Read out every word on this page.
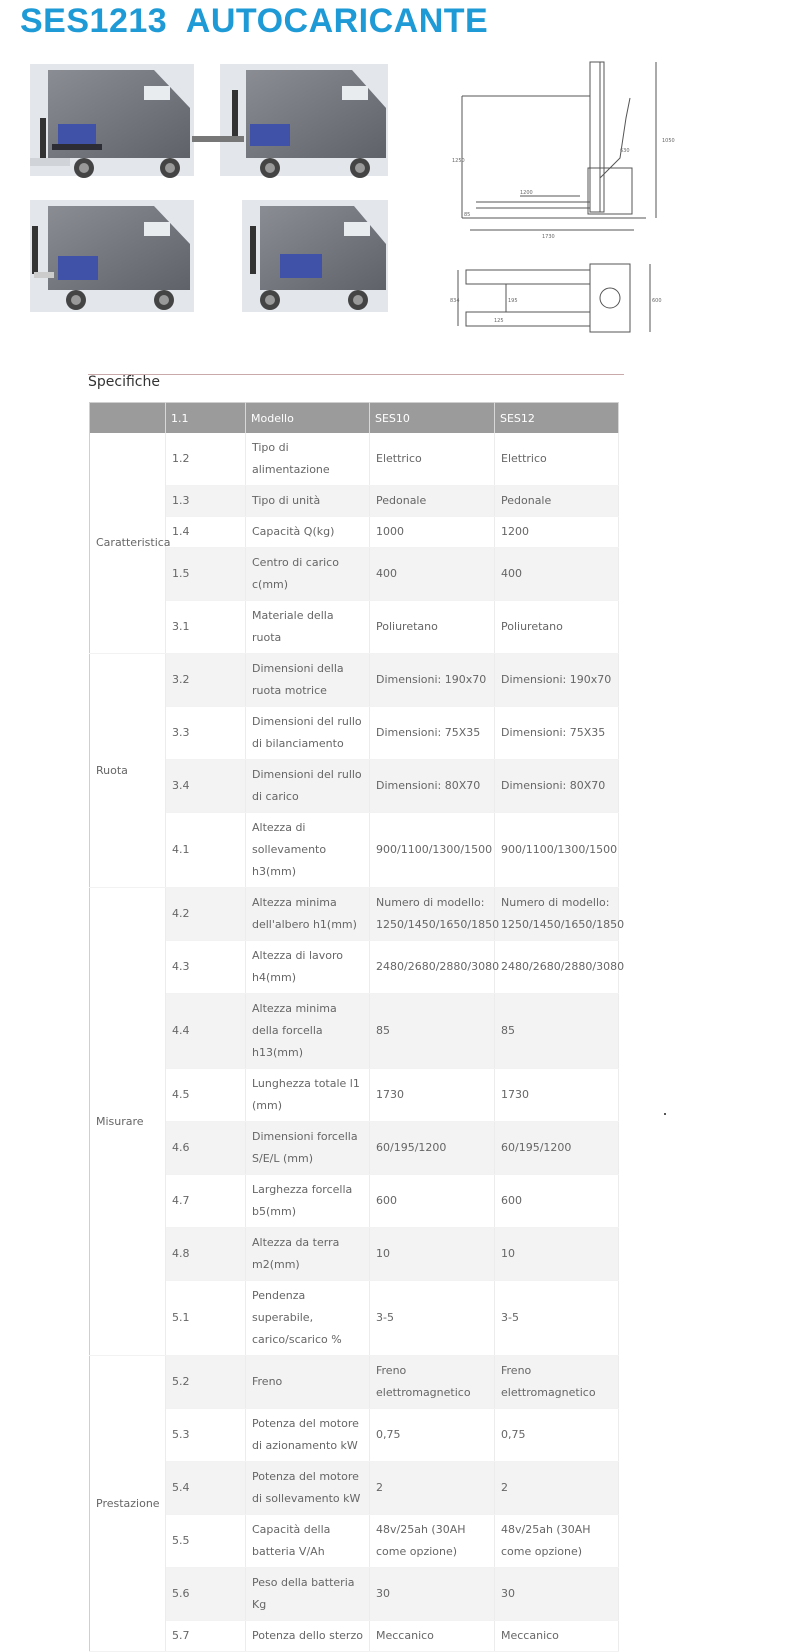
SES1213  AUTOCARICANTE
1730
1200
1050
1250
85
600
195
834
630
125
Specifiche
	1.1	Modello	SES10	SES12
Caratteristica	1.2	Tipo di alimentazione	Elettrico	Elettrico
	1.3	Tipo di unità	Pedonale	Pedonale
	1.4	Capacità Q(kg)	1000	1200
	1.5	Centro di carico c(mm)	400	400
	3.1	Materiale della ruota	Poliuretano	Poliuretano
Ruota	3.2	Dimensioni della ruota motrice	Dimensioni: 190x70	Dimensioni: 190x70
	3.3	Dimensioni del rullo di bilanciamento	Dimensioni: 75X35	Dimensioni: 75X35
	3.4	Dimensioni del rullo di carico	Dimensioni: 80X70	Dimensioni: 80X70
	4.1	Altezza di sollevamento h3(mm)	900/1100/1300/1500	900/1100/1300/1500
Misurare	4.2	Altezza minima dell'albero h1(mm)	Numero di modello: 1250/1450/1650/1850	Numero di modello: 1250/1450/1650/1850
	4.3	Altezza di lavoro h4(mm)	2480/2680/2880/3080	2480/2680/2880/3080
	4.4	Altezza minima della forcella h13(mm)	85	85
	4.5	Lunghezza totale l1 (mm)	1730	1730
	4.6	Dimensioni forcella S/E/L (mm)	60/195/1200	60/195/1200
	4.7	Larghezza forcella b5(mm)	600	600
	4.8	Altezza da terra m2(mm)	10	10
	5.1	Pendenza superabile, carico/scarico %	3-5	3-5
Prestazione	5.2	Freno	Freno elettromagnetico	Freno elettromagnetico
	5.3	Potenza del motore di azionamento kW	0,75	0,75
	5.4	Potenza del motore di sollevamento kW	2	2
	5.5	Capacità della batteria V/Ah	48v/25ah (30AH come opzione)	48v/25ah (30AH come opzione)
	5.6	Peso della batteria Kg	30	30
	5.7	Potenza dello sterzo	Meccanico	Meccanico
